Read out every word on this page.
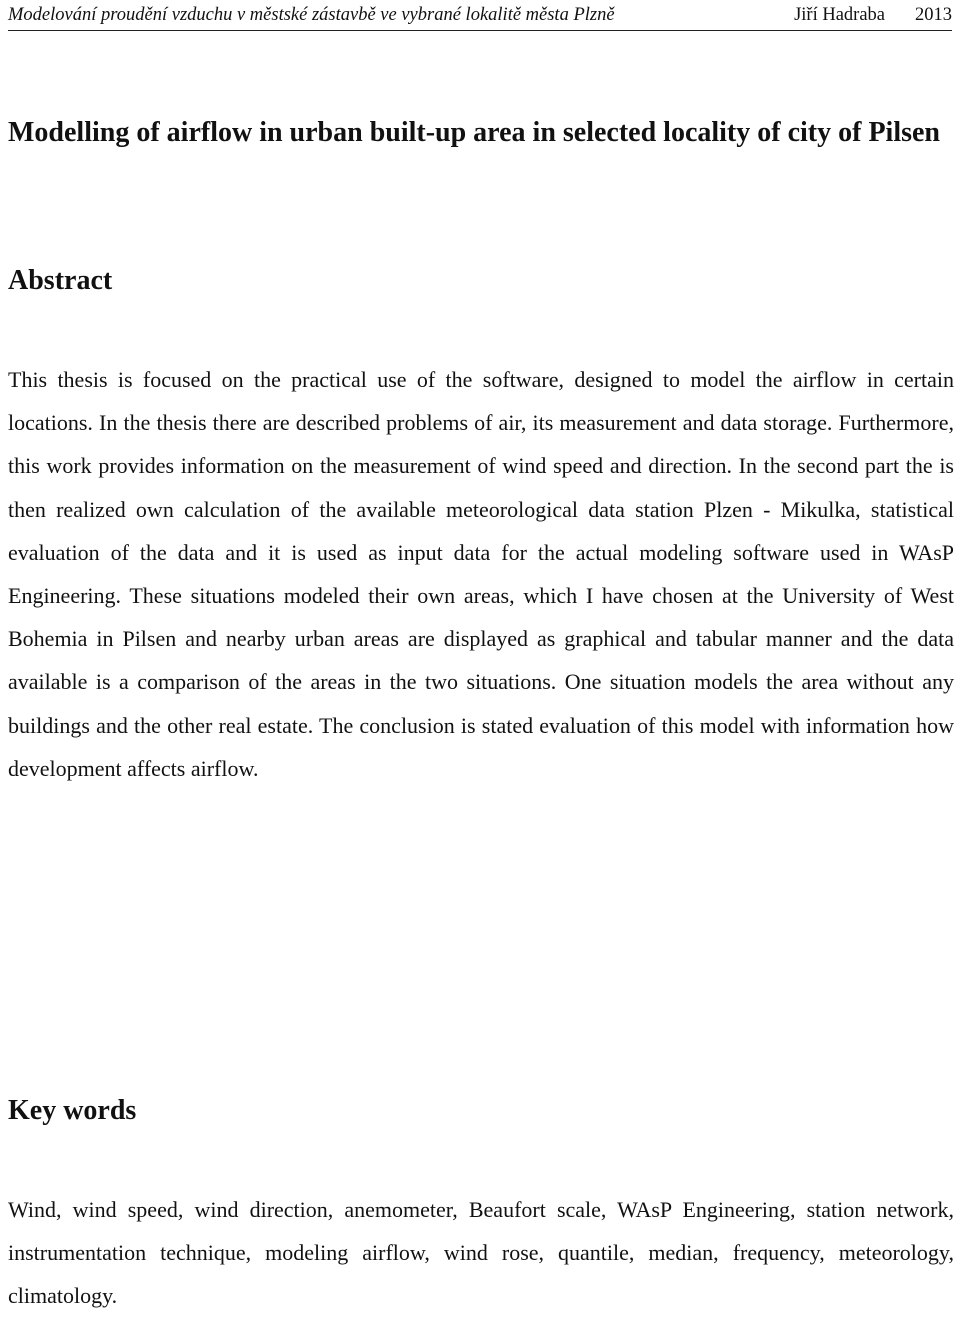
Modelování proudění vzduchu v městské zástavbě ve vybrané lokalitě města Plzně	Jiří Hadraba 2013
Modelling of airflow in urban built-up area in selected locality of city of Pilsen
Abstract

This thesis is focused on the practical use of the software, designed to model the airflow in certain locations. In the thesis there are described problems of air, its measurement and data storage. Furthermore, this work provides information on the measurement of wind speed and direction. In the second part the is then realized own calculation of the available meteorological data station Plzen - Mikulka, statistical evaluation of the data and it is used as input data for the actual modeling software used in WAsP Engineering. These situations modeled their own areas, which I have chosen at the University of West Bohemia in Pilsen and nearby urban areas are displayed as graphical and tabular manner and the data available is a comparison of the areas in the two situations. One situation models the area without any buildings and the other real estate. The conclusion is stated evaluation of this model with information how development affects airflow.

Key words

Wind, wind speed, wind direction, anemometer, Beaufort scale, WAsP Engineering, station network, instrumentation technique, modeling airflow, wind rose, quantile, median, frequency, meteorology, climatology.
